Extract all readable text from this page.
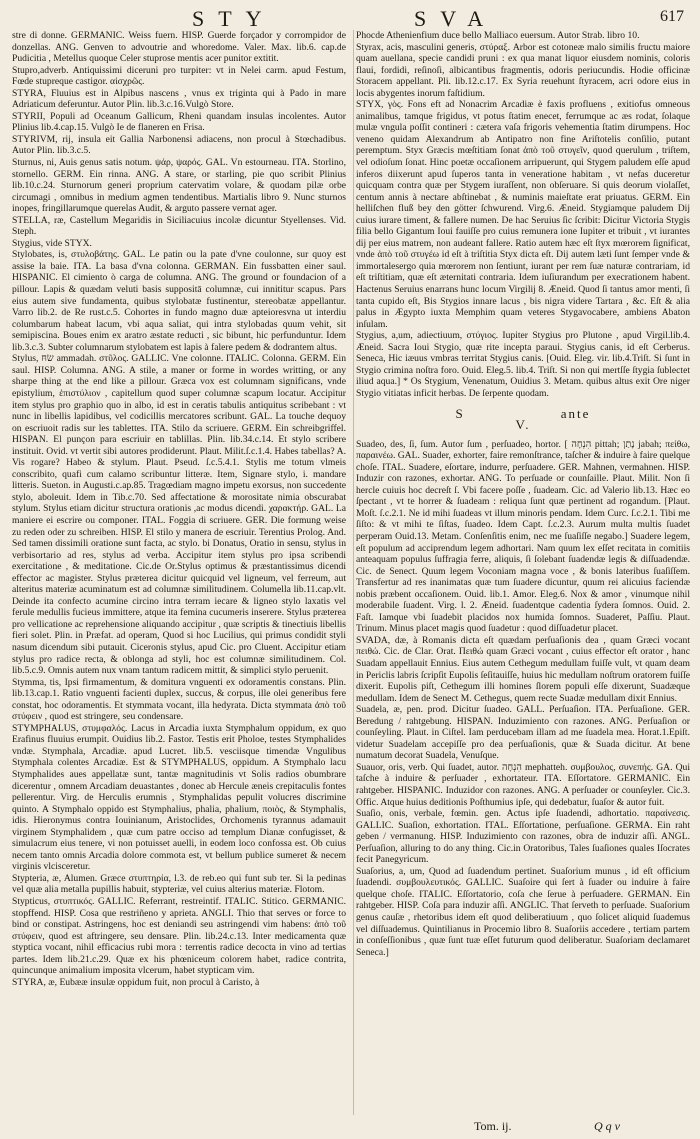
STY	SVA	617

stre di donne. GERMANIC. Weiss fuern. HISP. Guerde forçador y corrompidor de donzellas. ANG. Genven to advoutrie and whoredome. Valer. Max. lib.6. cap.de Pudicitia , Metellus quoque Celer stuprose mentis acer punitor extitit.

Stupro,adverb. Antiquissimi diceruni pro turpiter: vt in Nelei carm. apud Festum, Fœde stupreque castigor. αἰσχρῶς.

STYRA, Fluuius est in Alpibus nascens , vnus ex triginta qui à Pado in mare Adriaticum deferuntur. Autor Plin. lib.3.c.16.Vulgò Store.

STYRII, Populi ad Oceanum Gallicum, Rheni quandam insulas incolentes. Autor Plinius lib.4.cap.15. Vulgò Ie de flaneren en Frisa.

STYRIVM, rij, insula eit Gallia Narbonensi adiacens, non procul à Stœchadibus. Autor Plin. lib.3.c.5.

Sturnus, ni, Auis genus satis notum. ψάρ, ψαρός. GAL. Vn estourneau. ITA. Storlino, stornello. GERM. Ein rinna. ANG. A stare, or starling, pie quo scribit Plinius lib.10.c.24. Sturnorum generi proprium catervatim volare, & quodam pilæ orbe circumagi , omnibus in medium agmen tendentibus. Martialis libro 9. Nunc sturnos inopes, fringillarumque querelas Audit, & arguto passere vernat ager.

STELLA, ræ, Castellum Megaridis in Siciliacuius incolæ dicuntur Styellenses. Vid. Steph.

Stygius, vide STYX.

Stylobates, is, στυλοβάτης. GAL. Le patin ou la pate d'vne coulonne, sur quoy est assise la baie. ITA. La basa d'vna colonna. GERMAN. Ein fussbatten einer saul. HISPANIC. El cimiento ò carga de columna. ANG. The ground or foundacion of a pillour. Lapis & quædam veluti basis suppositā columnæ, cui innititur scapus. Pars eius autem sive fundamenta, quibus stylobatæ fustinentur, stereobatæ appellantur. Varro lib.2. de Re rust.c.5. Cohortes in fundo magno duæ apteioresvna ut interdiu columbarum habeat lacum, vbi aqua saliat, qui intra stylobadas quum vehit, sit semipiscina. Boues enim ex aratro æstate reducti , sic bibunt, hic perfunduntur. Idem lib.3.c.3. Subter columnarum stylobatem est lapis à falere pedem & dodrantem altus.

Stylus, שׂחּ ammadah. στῦλος. GALLIC. Vne colonne. ITALIC. Colonna. GERM. Ein saul. HISP. Columna. ANG. A stile, a maner or forme in wordes writting, or any sharpe thing at the end like a pillour. Græca vox est columnam significans, vnde epistylium, ἐπιστύλιον , capitellum quod super columnæ scapum locatur. Accipitur item stylus pro graphio quo in albo, id est in ceratis tabulis antiquitus scribebant : vt nunc in libellis lapidibus, vel codicillis mercatores scribunt. GAL. La touche dequoy on escriuoit radis sur les tablettes. ITA. Stilo da scriuere. GERM. Ein schreibgriffel. HISPAN. El punçon para escriuir en tablillas. Plin. lib.34.c.14. Et stylo scribere instituit. Ovid. vt vertit sibi autores prodiderunt. Plaut. Milit.ſ.c.1.4. Habes tabellas? A. Vis rogare? Habeo & stylum. Plaut. Pseud. ſ.c.5.4.1. Stylis me totum vlmeis conscribito, quafi cum calamo scribuntur litteræ. Item, Signare stylo, i. mandare litteris. Sueton. in Augusti.c.ap.85. Tragœdiam magno impetu exorsus, non succedente stylo, aboleuit. Idem in Tib.c.70. Sed affectatione & morositate nimia obscurabat stylum. Stylus etiam dicitur structura orationis ,ac modus dicendi. χαρακτήρ. GAL. La maniere ei escrire ou componer. ITAL. Foggia di scriuere. GER. Die formung weise zu reden oder zu schreiben. HISP. El stilo y manera de escriuir. Terentius Prolog. And. Sed tamen dissimili oratione sunt facta, ac stylo. bi Donatus, Oratio in sensu, stylus in verbisortario ad res, stylus ad verba. Accipitur item stylus pro ipsa scribendi exercitatione , & meditatione. Cic.de Or.Stylus optimus & præstantissimus dicendi effector ac magister. Stylus præterea dicitur quicquid vel ligneum, vel ferreum, aut alteritus materiæ acuminatum est ad columnæ similitudinem. Columella lib.11.cap.vlt. Deinde ita confecto acumine circino intra terram iecare & ligneo stylo laxatis vel ferule medullis fucieus immittere, atque ita femina cucumeris inserere. Stylus præterea pro vellicatione ac reprehensione aliquando accipitur , quæ scriptis & tinectiuis libellis fieri solet. Plin. in Præfat. ad operam, Quod si hoc Lucilius, qui primus condidit styli nasum dicendum sibi putauit. Ciceronis stylus, apud Cic. pro Cluent. Accipitur etiam stylus pro radice recta, & oblonga ad styli, hoc est columnæ similitudinem. Col. lib.5.c.9. Omnis autem nux vnam tantum radicem mittit, & simplici stylo peruenit.

Stymma, tis, Ipsi firmamentum, & domitura vnguenti ex odoramentis constans. Plin. lib.13.cap.1. Ratio vnguenti facienti duplex, succus, & corpus, ille olei generibus fere constat, hoc odoramentis. Et stymmata vocant, illa hedyrata. Dicta stymmata ἀπὸ τοῦ στύφειν , quod est stringere, seu condensare.

STYMPHALUS, στυμφαλός. Lacus in Arcadia iuxta Stymphalum oppidum, ex quo Erafinus fluuius erumpit. Ouidius lib.2. Fastor. Testis erit Pholoe, testes Stymphalides vndæ. Stymphala, Arcadiæ. apud Lucret. lib.5. vesciisque timendæ Vngulibus Stymphala colentes Arcadiæ. Est & STYMPHALUS, oppidum. A Stymphalo lacu Stymphalides aues appellatæ sunt, tantæ magnitudinis vt Solis radios obumbrare dicerentur , omnem Arcadiam deuastantes , donec ab Hercule æneis crepitaculis fontes pellerentur. Virg. de Herculis erumnis , Stymphalidas pepulit volucres discrimine quinto. A Stymphalo oppido est Stymphalius, phalia, phalium, ποιὸς, & Stymphalis, idis. Hieronymus contra Iouinianum, Aristoclides, Orchomenis tyrannus adamauit virginem Stymphalidem , quæ cum patre occiso ad templum Dianæ confugisset, & simulacrum eius tenere, vi non potuisset auelli, in eodem loco confossa est. Ob cuius necem tanto omnis Arcadia dolore commota est, vt bellum publice sumeret & necem virginis vlcisceretur.

Stypteria, æ, Alumen. Græce στυπτηρία, l.3. de reb.eo qui funt sub ter. Si la pedinas vel quæ alia metalla pupillis habuit, stypteriæ, vel cuius alterius materiæ. Flotom.

Stypticus, στυπτικός. GALLIC. Referrant, restreintif. ITALIC. Stitico. GERMANIC. stopffend. HISP. Cosa que restriñeno y aprieta. ANGLI. Thio that serves or force to bind or constipat. Astringens, hoc est deniandi seu astringendi vim habens: ἀπὸ τοῦ στύφειν, quod est aftringere, seu densare. Plin. lib.24.c.13. Inter medicamenta quæ styptica vocant, nihil efficacius rubi mora : terrentis radice decocta in vino ad tertias partes. Idem lib.21.c.29. Quæ ex his phœniceum colorem habet, radice contrita, quincunque animalium imposita vlcerum, habet stypticam vim.

STYRA, æ, Eubææ insulæ oppidum fuit, non procul à Caristo, à

Phocde Athenienfium duce bello Malliaco euersum. Autor Strab. libro 10.

Styrax, acis, masculini generis, στύραξ. Arbor est cotoneæ malo similis fructu maiore quam auellana, specie candidi pruni : ex qua manat liquor eiusdem nominis, coloris flaui, fordidi, reſinoſi, albicantibus fragmentis, odoris periucundis. Hodie officinæ Storacem appellant. Pli. lib.12.c.17. Ex Syria reuehunt ſtyracem, acri odore eius in locis abygentes inorum faſtidium.

STYX, γὸς. Fons eft ad Nonacrim Arcadiæ è faxis profluens , exitiofus omneous animalibus, tamque frigidus, vt potus ſtatim enecet, ferrumque ac æs rodat, ſolaque mulæ vngula poſſit contineri : cætera vaſa frigoris vehementia ſtatim dirumpens. Hoc veneno quidam Alexandrum ab Antipatro non fine Ariſtotelis conſilio, putant peremptum. Styx Græcis mœſtitiam ſonat ἀπὸ τοῦ στυγεῖν, quod querulum , triſtem, vel odioſum ſonat. Hinc poetæ occaſionem arripuerunt, qui Stygem paludem eſſe apud inferos diixerunt apud ſuperos tanta in veneratione habitam , vt nefas duceretur quicquam contra quæ per Stygem iuraſſent, non obſeruare. Si quis deorum violaſſet, centum annis à nectare abſtinebat , & numinis maieſtate erat priuatus. GERM. Ein helliſchen fluß bey den götter ſchwurend. Virg.6. Æneid. Stygiamque paludem Dij cuius iurare timent, & fallere numen. De hac Seruius ſic ſcribit: Dicitur Victoria Stygis filia bello Gigantum Ioui fauiſſe pro cuius remunera ione Iupiter et tribuit , vt iurantes dij per eius matrem, non audeant fallere. Ratio autem hæc eſt ſtyx mœrorem ſignificat, vnde ἀπὸ τοῦ στυγέω id eſt à triſtitia Styx dicta eſt. Dij autem læti ſunt ſemper vnde & immortalesergo quia mœrorem non ſentiunt, iurant per rem ſuæ naturæ contrariam, id eſt triſtitiam, quæ eſt æternitati contraria. Idem iuſiurandum per execrationem habent. Hactenus Seruius enarrans hunc locum Virgilij 8. Æneid. Quod ſi tantus amor menti, ſi tanta cupido eſt, Bis Stygios innare lacus , bis nigra videre Tartara , &c. Eſt & alia palus in Ægypto iuxta Memphim quam veteres Stygavocabere, ambiens Abaton inſulam.

Stygius, a,um, adiectiuum, στύγιος. Iupiter Stygius pro Plutone , apud Virgil.lib.4. Æneid. Sacra Ioui Stygio, quæ rite incepta paraui. Stygius canis, id eſt Cerberus. Seneca, Hic iæuus vmbras territat Stygius canis. [Ouid. Eleg. vir. lib.4.Triſt. Si ſunt in Stygio crimina noſtra foro. Ouid. Eleg.5. lib.4. Triſt. Si non qui mertſſe ſtygia ſublectet iliud aqua.] * Os Stygium, Venenatum, Ouidius 3. Metam. quibus altus exit Ore niger Stygio vitiatas inficit herbas. De ſerpente quodam.

S	anteV.

Suadeo, des, ſi, ſum. Autor ſum , perſuadeo, hortor. [ הִנְחָה pittah; נָתַן jabah; πείθω, παραινέω. GAL. Suader, exhorter, faire remonſtrance, taſcher & induire à faire quelque choſe. ITAL. Suadere, eſortare, indurre, perſuadere. GER. Mahnen, vermahnen. HISP. Induzir con razones, exhortar. ANG. To perſuade or counſaille. Plaut. Milit. Non ſi hercle cuiuis hoc decreſt ſ. Vbi facere poſſe , ſuadeam. Cic. ad Valerio lib.13. Hæc eo ſpectant , vt te horrer & ſuadeam : reliqua ſunt quæ pertinent ad rogandum. [Plaut. Moſt. ſ.c.2.1. Ne id mihi ſuadeas vt illum minoris pendam. Idem Curc. ſ.c.2.1. Tibi me ſiſto: & vt mihi te ſiſtas, ſuadeo. Idem Capt. ſ.c.2.3. Aurum multa multis ſuadet perperam Ouid.13. Metam. Conſenſitis enim, nec me ſuaſiſſe negabo.] Suadere legem, eſt populum ad acciprendum legem adhortari. Nam quum lex eſſet recitata in comitiis anteaquam populus ſuffragia ferre, aliquis, ſi ſolebant ſuadendæ legis & diſſuadendæ. Cic. de Senect. Quum legem Voconiam magna voce , & bonis lateribus ſuaſiſſem. Transfertur ad res inanimatas quæ tum ſuadere dicuntur, quum rei alicuius faciendæ nobis præbent occaſionem. Ouid. lib.1. Amor. Eleg.6. Nox & amor , vinumque nihil moderabile ſuadent. Virg. l. 2. Æneid. ſuadentque cadentia ſydera ſomnos. Ouid. 2. Faſt. Iamque vbi ſuadebit placidos nox humida ſomnos. Suaderet, Paſſiu. Plaut. Trinum. Minus placet magis quod ſuadetur : quod diſſuadetur placet.

SVADA, dæ, à Romanis dicta eſt quædam perſuaſionis dea , quam Græci vocant πειθώ. Cic. de Clar. Orat. Πειθώ quam Græci vocant , cuius effector eſt orator , hanc Suadam appellauit Ennius. Eius autem Cethegum medullam fuiſſe vult, vt quam deam in Periclis labris ſcripſit Eupolis ſeſitauiſſe, huius hic medullam noſtrum oratorem fuiſſe dixerit. Eupolis piſt, Cethegum illi homines ſlorem populi eſſe dixerunt, Suadæque medullam. Idem de Senect M. Cethegus, quem recte Suadæ medullam dixit Ennius.

Suadela, æ, pen. prod. Dicitur ſuadeo. GALL. Perſuaſion. ITA. Perſuaſione. GER. Beredung / rahtgebung. HISPAN. Induzimiento con razones. ANG. Perſuaſion or counſeyling. Plaut. in Ciſtel. Iam perducebam illam ad me ſuadela mea. Horat.1.Epiſt. videtur Suadelam accepiſſe pro dea perſuaſionis, quæ & Suada dicitur. At bene numatum decorat Suadela, Venuſque.

Suauor, oris, verb. Qui ſuadet, autor. הִנְחָה mephatteh. συμβουλος, συνεπής. GA. Qui taſche à induire & perſuader , exhortateur. ITA. Eſſortatore. GERMANIC. Ein rahtgeber. HISPANIC. Induzidor con razones. ANG. A perſuader or counſeyler. Cic.3. Offic. Atque huius deditionis Poſthumius ipſe, qui dedebatur, ſuaſor & autor fuit.

Suaſio, onis, verbale, fœmin. gen. Actus ipſe ſuadendi, adhortatio. παραίνεσις. GALLIC. Suaſion, exhortation. ITAL. Eſſortatione, perſuaſione. GERMA. Ein raht geben / vermanung. HISP. Induzimiento con razones, obra de induzir aſſi. ANGL. Perſuaſion, alluring to do any thing. Cic.in Oratoribus, Tales ſuaſiones quales Iſocrates fecit Panegyricum.

Suaſorius, a, um, Quod ad ſuadendum pertinet. Suaſorium munus , id eſt officium ſuadendi. συμβουλευτικός. GALLIC. Suaſoire qui ſert à ſuader ou induire à faire quelque choſe. ITALIC. Eſſortatorio, coſa che ſerue à perſuadere. GERMAN. Ein rahtgeber. HISP. Coſa para induzir aſſi. ANGLIC. That ſerveth to perſuade. Suaſorium genus cauſæ , rhetoribus idem eſt quod deliberatiuum , quo ſolicet aliquid ſuademus vel diſſuademus. Quintilianus in Procemio libro 8. Suaſoriis accedere , tertiam partem in conſeſſionibus , quæ ſunt tuæ eſſet futurum quod deliberatur. Suaſoriam declamaret Seneca.]

Tom. ij.	Q q v
